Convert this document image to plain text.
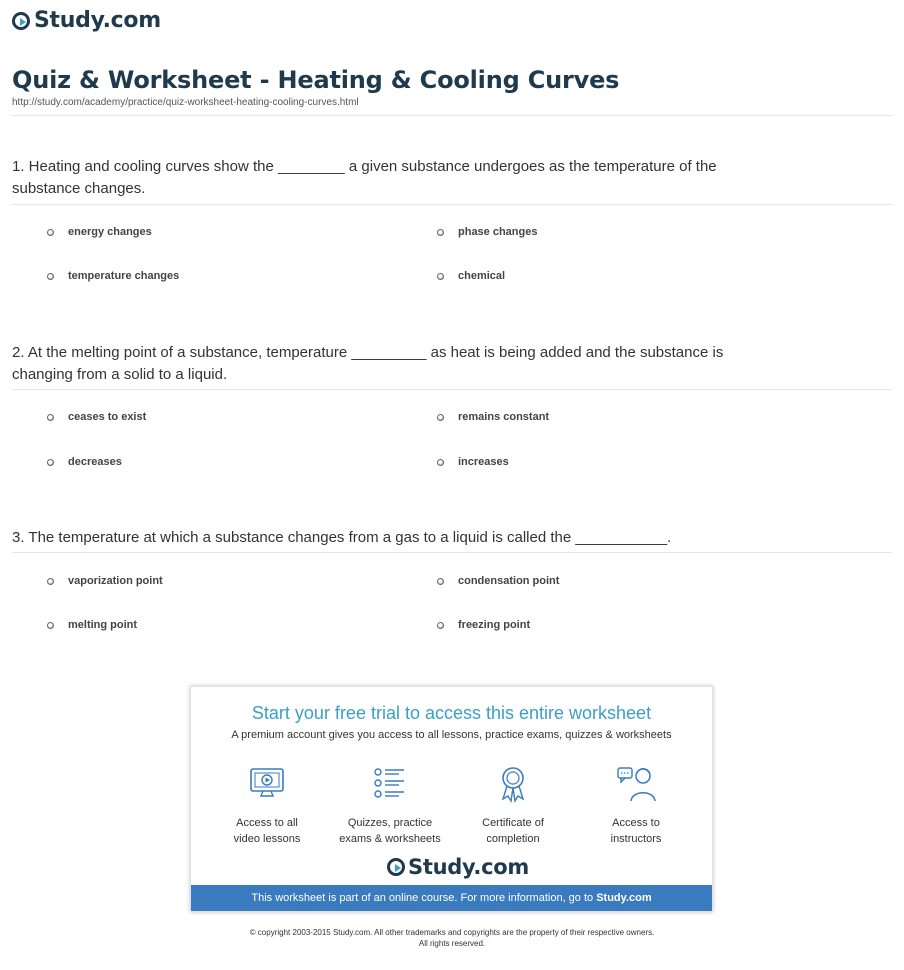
Study.com
Quiz & Worksheet - Heating & Cooling Curves
http://study.com/academy/practice/quiz-worksheet-heating-cooling-curves.html
1. Heating and cooling curves show the ________ a given substance undergoes as the temperature of the substance changes.
energy changes	phase changes
temperature changes	chemical
2. At the melting point of a substance, temperature _________ as heat is being added and the substance is changing from a solid to a liquid.
ceases to exist	remains constant
decreases	increases
3. The temperature at which a substance changes from a gas to a liquid is called the ___________.
vaporization point	condensation point
melting point	freezing point
Start your free trial to access this entire worksheet
A premium account gives you access to all lessons, practice exams, quizzes & worksheets
Access to all
video lessons
Quizzes, practice
exams & worksheets
Certificate of
completion
Access to
instructors
Study.com
This worksheet is part of an online course. For more information, go to Study.com
© copyright 2003-2015 Study.com. All other trademarks and copyrights are the property of their respective owners.
All rights reserved.
